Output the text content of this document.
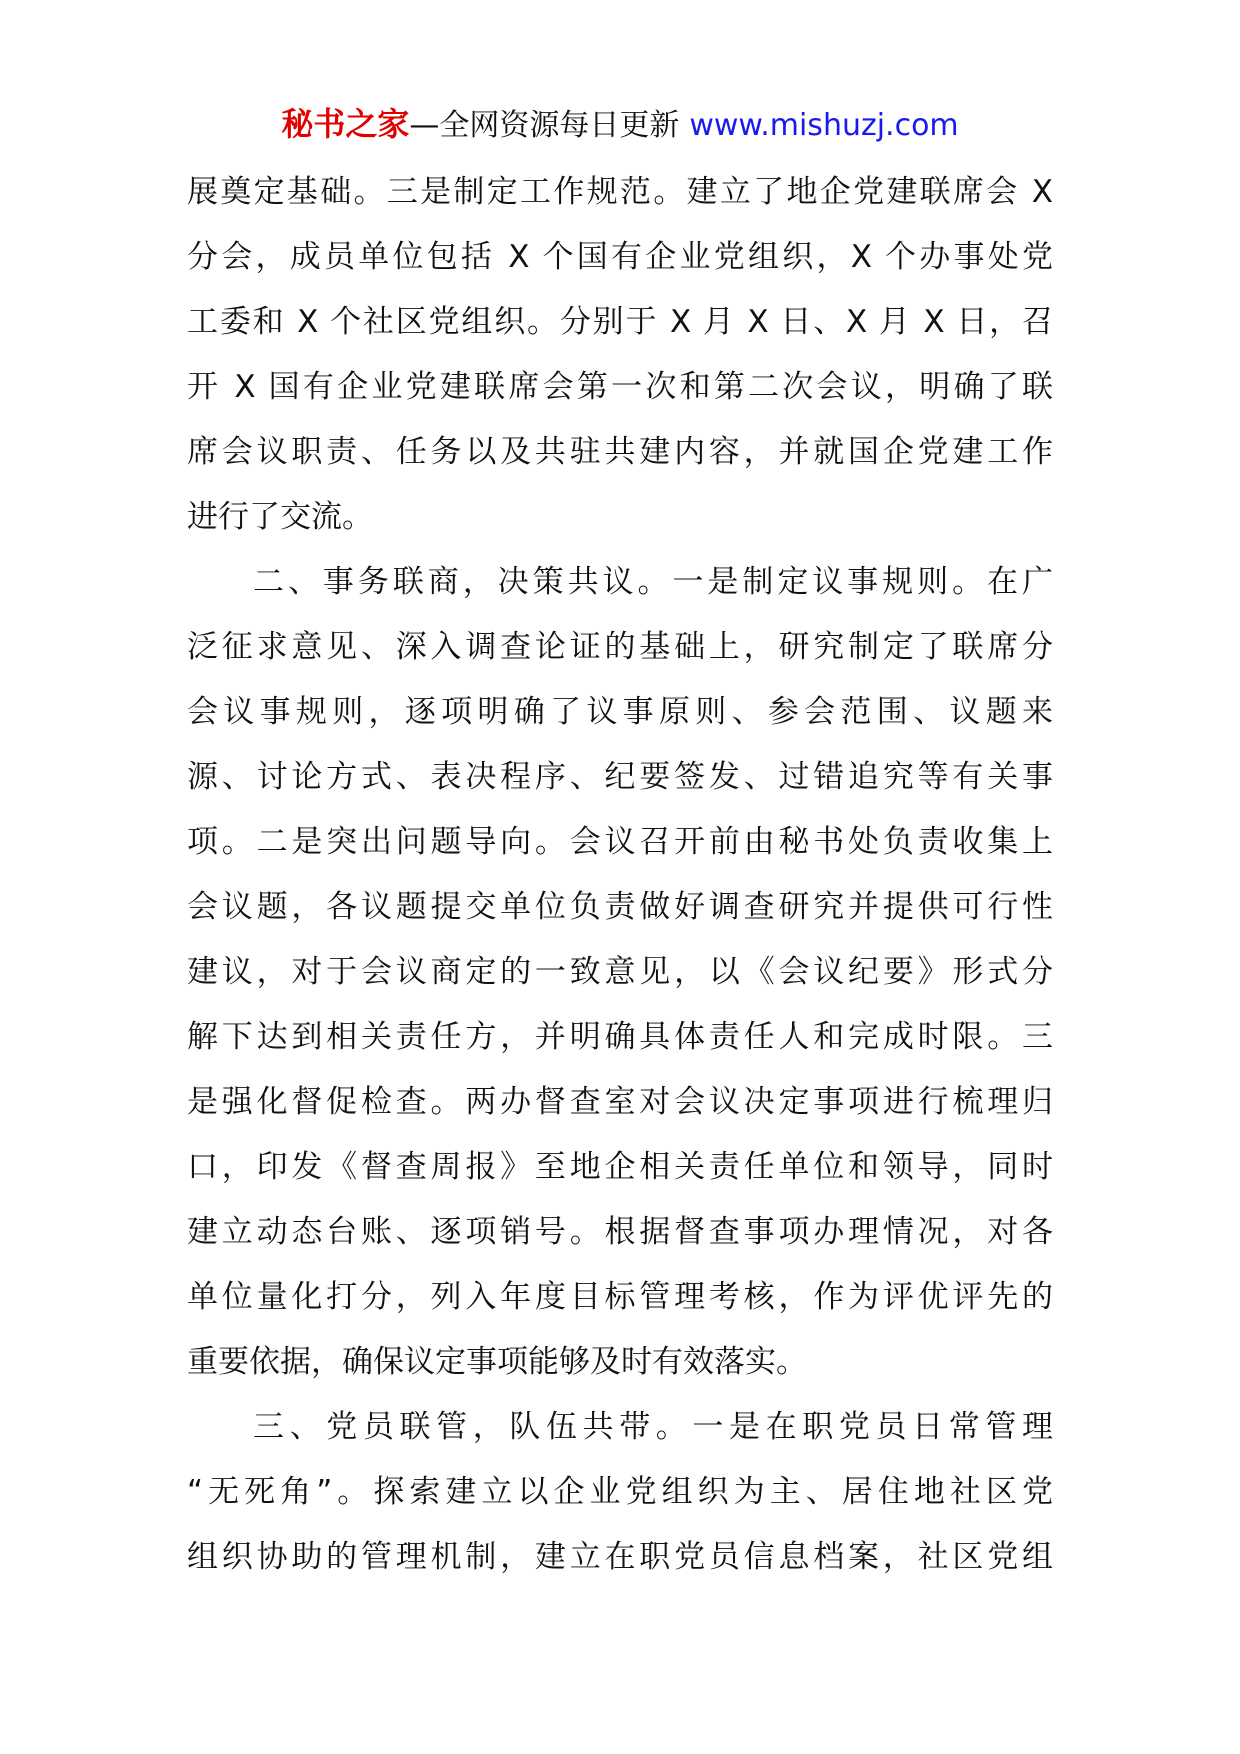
秘书之家—全网资源每日更新 www.mishuzj.com
展奠定基础。三是制定工作规范。建立了地企党建联席会 X
分会，成员单位包括 X 个国有企业党组织，X 个办事处党
工委和 X 个社区党组织。分别于 X 月 X 日、X 月 X 日，召
开 X 国有企业党建联席会第一次和第二次会议，明确了联
席会议职责、任务以及共驻共建内容，并就国企党建工作
进行了交流。
二、事务联商，决策共议。一是制定议事规则。在广
泛征求意见、深入调查论证的基础上，研究制定了联席分
会议事规则，逐项明确了议事原则、参会范围、议题来
源、讨论方式、表决程序、纪要签发、过错追究等有关事
项。二是突出问题导向。会议召开前由秘书处负责收集上
会议题，各议题提交单位负责做好调查研究并提供可行性
建议，对于会议商定的一致意见，以《会议纪要》形式分
解下达到相关责任方，并明确具体责任人和完成时限。三
是强化督促检查。两办督查室对会议决定事项进行梳理归
口，印发《督查周报》至地企相关责任单位和领导，同时
建立动态台账、逐项销号。根据督查事项办理情况，对各
单位量化打分，列入年度目标管理考核，作为评优评先的
重要依据，确保议定事项能够及时有效落实。
三、党员联管，队伍共带。一是在职党员日常管理
“无死角”。探索建立以企业党组织为主、居住地社区党
组织协助的管理机制，建立在职党员信息档案，社区党组
